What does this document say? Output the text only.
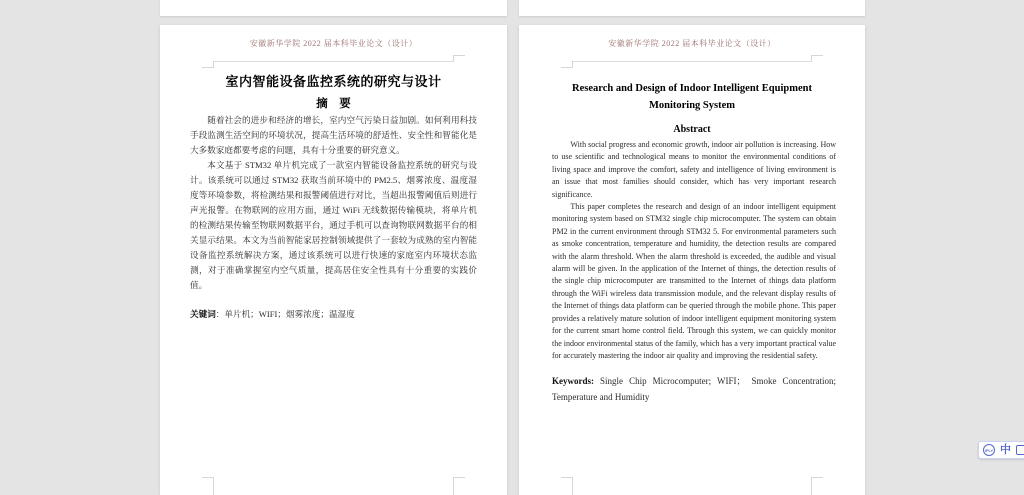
安徽新华学院 2022 届本科毕业论文（设计）
室内智能设备监控系统的研究与设计
摘　要

随着社会的进步和经济的增长，室内空气污染日益加剧。如何利用科技手段监测生活空间的环境状况，提高生活环境的舒适性、安全性和智能化是大多数家庭都要考虑的问题，具有十分重要的研究意义。

本文基于 STM32 单片机完成了一款室内智能设备监控系统的研究与设计。该系统可以通过 STM32 获取当前环境中的 PM2.5、烟雾浓度、温度湿度等环境参数，将检测结果和报警阈值进行对比，当超出报警阈值后则进行声光报警。在物联网的应用方面，通过 WiFi 无线数据传输模块，将单片机的检测结果传输至物联网数据平台，通过手机可以查询物联网数据平台的相关显示结果。本文为当前智能家居控制领域提供了一套较为成熟的室内智能设备监控系统解决方案，通过该系统可以进行快速的家庭室内环境状态监测，对于准确掌握室内空气质量，提高居住安全性具有十分重要的实践价值。

关键词：单片机；WIFI；烟雾浓度；温湿度

安徽新华学院 2022 届本科毕业论文（设计）
Research and Design of Indoor Intelligent Equipment
Monitoring System
Abstract

With social progress and economic growth, indoor air pollution is increasing. How to use scientific and technological means to monitor the environmental conditions of living space and improve the comfort, safety and intelligence of living environment is an issue that most families should consider, which has very important research significance.

This paper completes the research and design of an indoor intelligent equipment monitoring system based on STM32 single chip microcomputer. The system can obtain PM2 in the current environment through STM32 5. For environmental parameters such as smoke concentration, temperature and humidity, the detection results are compared with the alarm threshold. When the alarm threshold is exceeded, the audible and visual alarm will be given. In the application of the Internet of things, the detection results of the single chip microcomputer are transmitted to the Internet of things data platform through the WiFi wireless data transmission module, and the relevant display results of the Internet of things data platform can be queried through the mobile phone. This paper provides a relatively mature solution of indoor intelligent equipment monitoring system for the current smart home control field. Through this system, we can quickly monitor the indoor environmental status of the family, which has a very important practical value for accurately mastering the indoor air quality and improving the residential safety.

Keywords: Single Chip Microcomputer; WIFI； Smoke Concentration; Temperature and Humidity

iFLY 中
